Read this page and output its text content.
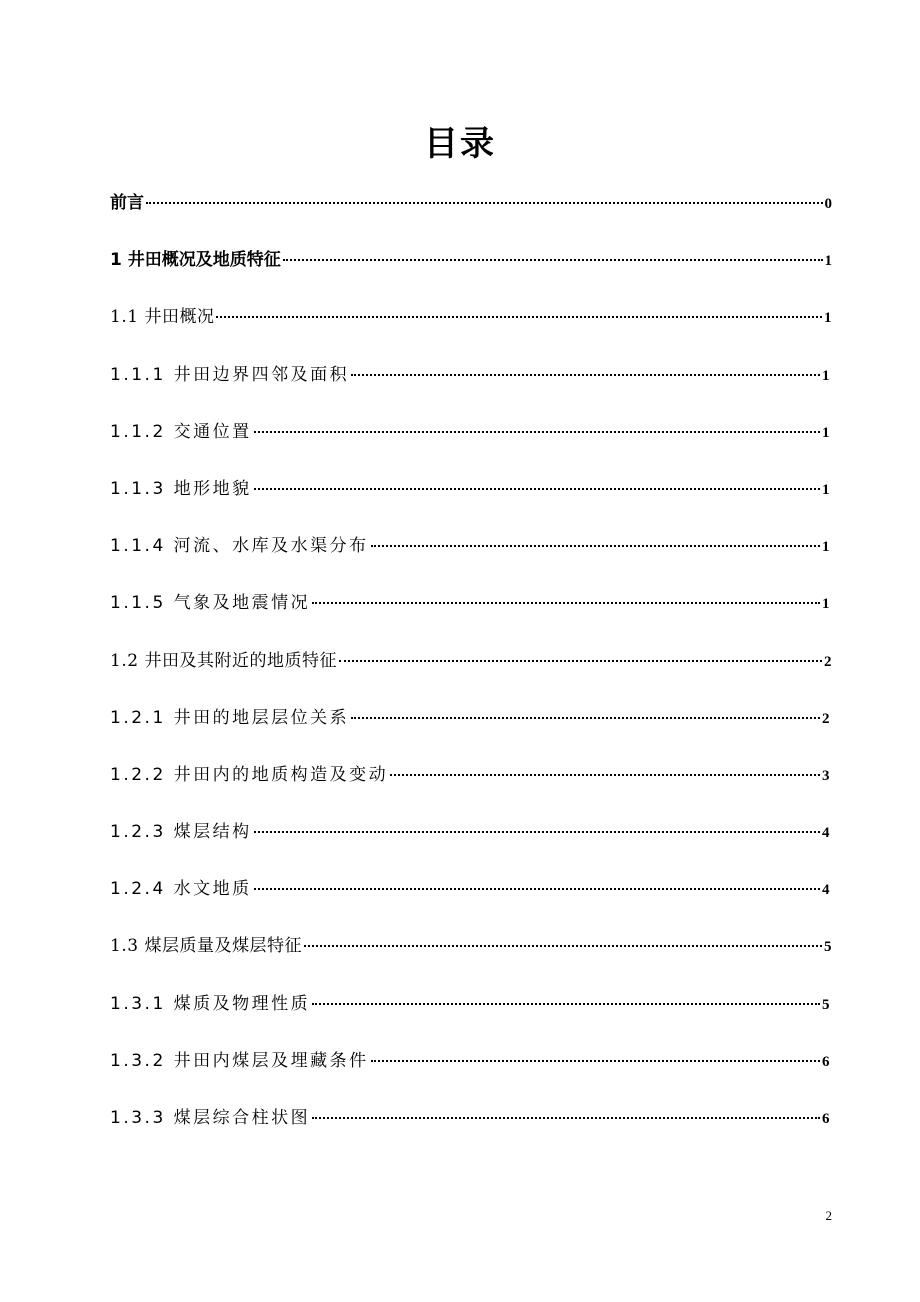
目录
前言	0
1 井田概况及地质特征	1
1.1 井田概况	1
1.1.1 井田边界四邻及面积	1
1.1.2 交通位置	1
1.1.3 地形地貌	1
1.1.4 河流、水库及水渠分布	1
1.1.5 气象及地震情况	1
1.2 井田及其附近的地质特征	2
1.2.1 井田的地层层位关系	2
1.2.2 井田内的地质构造及变动	3
1.2.3 煤层结构	4
1.2.4 水文地质	4
1.3 煤层质量及煤层特征	5
1.3.1 煤质及物理性质	5
1.3.2 井田内煤层及埋藏条件	6
1.3.3 煤层综合柱状图	6
2
